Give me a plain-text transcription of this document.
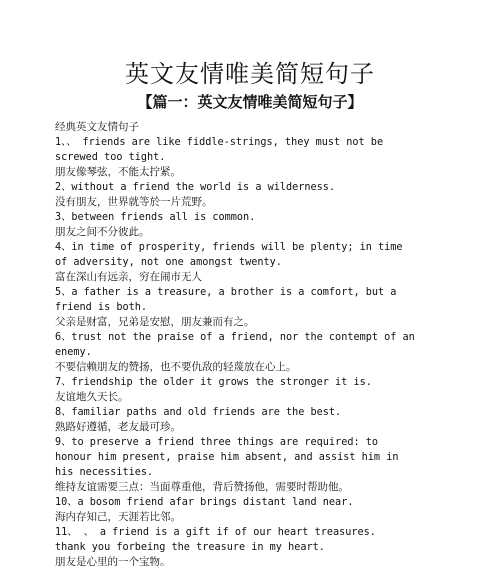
英文友情唯美简短句子
【篇一：英文友情唯美简短句子】
经典英文友情句子
1、、 friends are like fiddle-strings, they must not be
screwed too tight.
朋友像琴弦，不能太拧紧。
2、without a friend the world is a wilderness.
没有朋友，世界就等於一片荒野。
3、between friends all is common.
朋友之间不分彼此。
4、in time of prosperity, friends will be plenty; in time
of adversity, not one amongst twenty.
富在深山有远亲，穷在闹市无人
5、a father is a treasure, a brother is a comfort, but a
friend is both.
父亲是财富，兄弟是安慰，朋友兼而有之。
6、trust not the praise of a friend, nor the contempt of an
enemy.
不要信赖朋友的赞扬，也不要仇敌的轻蔑放在心上。
7、friendship the older it grows the stronger it is.
友谊地久天长。
8、familiar paths and old friends are the best.
熟路好遵循，老友最可珍。
9、to preserve a friend three things are required: to
honour him present, praise him absent, and assist him in
his necessities.
维持友谊需要三点：当面尊重他，背后赞扬他，需要时帮助他。
10、a bosom friend afar brings distant land near.
海内存知己，天涯若比邻。
11、 、 a friend is a gift if of our heart treasures.
thank you forbeing the treasure in my heart.
朋友是心里的一个宝物。
